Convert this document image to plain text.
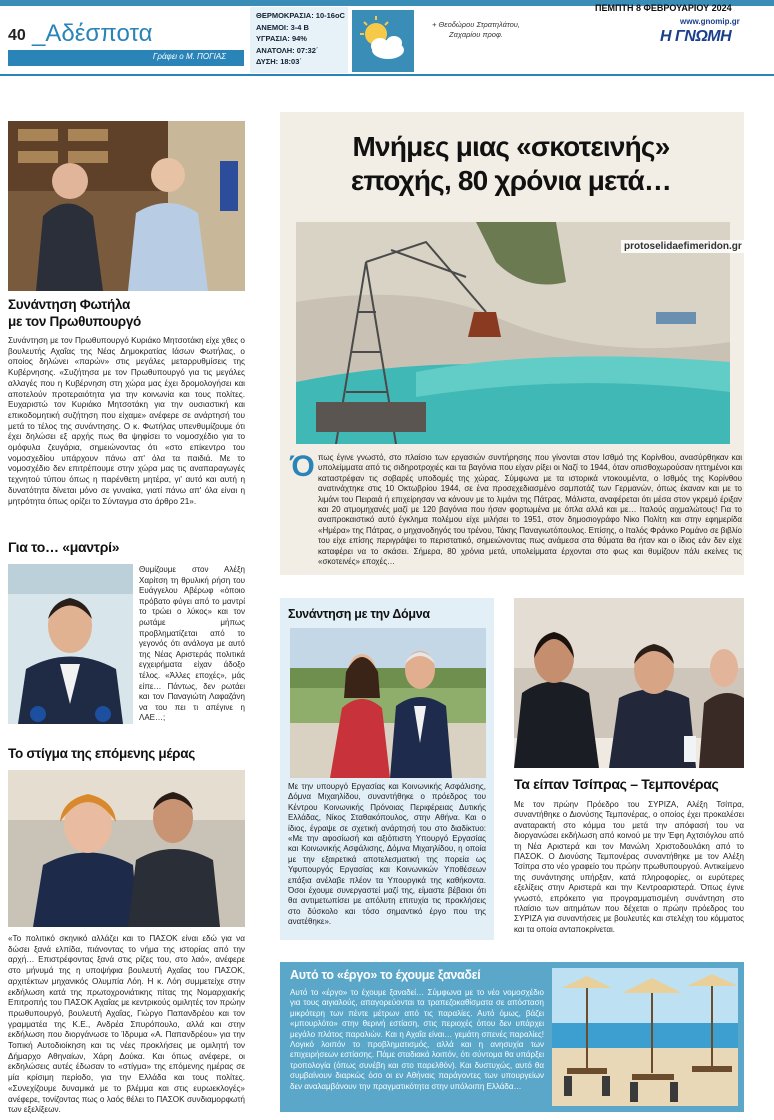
40 _Αδέσποτα
Γράφει ο Μ. ΠΟΓΙΑΣ
ΘΕΡΜΟΚΡΑΣΙΑ: 10-16oC
ΑΝΕΜΟΙ: 3-4 Β
ΥΓΡΑΣΙΑ: 94%
ΑΝΑΤΟΛΗ: 07:32΄
ΔΥΣΗ: 18:03΄
+ Θεοδώρου Στρατηλάτου, Ζαχαρίου προφ.
ΠΕΜΠΤΗ 8 ΦΕΒΡΟΥΑΡΙΟΥ 2024
www.gnomip.gr
Η ΓΝΩΜΗ
Συνάντηση Φωτήλα
με τον Πρωθυπουργό
Συνάντηση με τον Πρωθυπουργό Κυριάκο Μητσοτάκη είχε χθες ο βουλευτής Αχαΐας της Νέας Δημοκρατίας Ιάσων Φωτήλας, ο οποίος δηλώνει «παρών» στις μεγάλες μεταρρυθμίσεις της Κυβέρνησης. «Συζήτησα με τον Πρωθυπουργό για τις μεγάλες αλλαγές που η Κυβέρνηση στη χώρα μας έχει δρομολογήσει και αποτελούν προτεραιότητα για την κοινωνία και τους πολίτες. Ευχαριστώ τον Κυριάκο Μητσοτάκη για την ουσιαστική και επικοδομητική συζήτηση που είχαμε» ανέφερε σε ανάρτησή του μετά το τέλος της συνάντησης. Ο κ. Φωτήλας υπενθυμίζουμε ότι έχει δηλώσει εξ αρχής πως θα ψηφίσει το νομοσχέδιο για το ομόφυλα ζευγάρια, σημειώνοντας ότι «στο επίκεντρο του νομοσχεδίου υπάρχουν πάνω απ' όλα τα παιδιά. Με το νομοσχέδιο δεν επιτρέπουμε στην χώρα μας τις αναπαραγωγές τεχνητού τύπου όπως η παρένθετη μητέρα, γι' αυτό και αυτή η δυνατότητα δίνεται μόνο σε γυναίκα, γιατί πάνω απ' όλα είναι η μητρότητα όπως ορίζει το Σύνταγμα στο άρθρο 21».
Για το… «μαντρί»
Θυμίζουμε στον Αλέξη Χαρίτση τη θρυλική ρήση του Ευάγγελου Αβέρωφ «όποιο πρόβατο φύγει από το μαντρί το τρώει ο λύκος» και τον ρωτάμε μήπως προβληματίζεται από το γεγονός ότι ανάλογα με αυτό της Νέας Αριστεράς πολιτικά εγχειρήματα είχαν άδοξο τέλος. «Άλλες εποχές», μάς είπε… Πάντως, δεν ρωτάει και τον Παναγιώτη Λαφαζάνη να του πει τι απέγινε η ΛΑΕ…;
Το στίγμα της επόμενης μέρας
«Το πολιτικό σκηνικό αλλάζει και το ΠΑΣΟΚ είναι εδώ για να δώσει ξανά ελπίδα, πιάνοντας το νήμα της ιστορίας από την αρχή… Επιστρέφοντας ξανά στις ρίζες του, στο λαό», ανέφερε στο μήνυμά της η υποψήφια βουλευτή Αχαΐας του ΠΑΣΟΚ, αρχιτέκτων μηχανικός Ολυμπία Λόη. Η κ. Λόη συμμετείχε στην εκδήλωση κατά της πρωτοχρονιάτικης πίτας της Νομαρχιακής Επιτροπής του ΠΑΣΟΚ Αχαΐας με κεντρικούς ομιλητές τον πρώην πρωθυπουργό, βουλευτή Αχαΐας, Γιώργο Παπανδρέου και τον γραμματέα της Κ.Ε., Ανδρέα Σπυρόπουλο, αλλά και στην εκδήλωση που διοργάνωσε το Ίδρυμα «Α. Παπανδρέου» για την Τοπική Αυτοδιοίκηση και τις νέες προκλήσεις με ομιλητή τον Δήμαρχο Αθηναίων, Χάρη Δούκα. Και όπως ανέφερε, οι εκδηλώσεις αυτές έδωσαν το «στίγμα» της επόμενης ημέρας σε μία κρίσιμη περίοδο, για την Ελλάδα και τους πολίτες. «Συνεχίζουμε δυναμικά με το βλέμμα και στις ευρωεκλογές» ανέφερε, τονίζοντας πως ο λαός θέλει το ΠΑΣΟΚ συνδιαμορφωτή των εξελίξεων.
Μνήμες μιας «σκοτεινής»
εποχής, 80 χρόνια μετά…
protoselidaefimeridon.gr
Ό πως έγινε γνωστό, στο πλαίσιο των εργασιών συντήρησης που γίνονται στον Ισθμό της Κορίνθου, ανασύρθηκαν και υπολείμματα από τις σιδηροτροχιές και τα βαγόνια που είχαν ρίξει οι Ναζί το 1944, όταν οπισθοχωρούσαν ηττημένοι και καταστρέφαν τις σοβαρές υποδομές της χώρας. Σύμφωνα με τα ιστορικά ντοκουμέντα, ο Ισθμός της Κορίνθου ανατινάχτηκε στις 10 Οκτωβρίου 1944, σε ένα προσεχεδιασμένο σαμποτάζ των Γερμανών, όπως έκαναν και με το λιμάνι του Πειραιά ή επιχείρησαν να κάνουν με το λιμάνι της Πάτρας. Μάλιστα, αναφέρεται ότι μέσα στον γκρεμό έριξαν και 20 ατμομηχανές μαζί με 120 βαγόνια που ήσαν φορτωμένα με όπλα αλλά και με… Ιταλούς αιχμαλώτους! Για το αναπροκαιστικό αυτό έγκλημα πολέμου είχε μιλήσει το 1951, στον δημοσιογράφο Νίκο Πολίτη και στην εφημερίδα «Ημέρα» της Πάτρας, ο μηχανοδηγός του τρένου, Τάκης Παναγιωτόπουλος. Επίσης, ο Ιταλός Φράνκο Ρομάνο σε βιβλίο του είχε επίσης περιγράψει το περιστατικό, σημειώνοντας πως ανάμεσα στα θύματα θα ήταν και ο ίδιος εάν δεν είχε καταφέρει να το σκάσει. Σήμερα, 80 χρόνια μετά, υπολείμματα έρχονται στο φως και θυμίζουν πάλι εκείνες τις «σκοτεινές» εποχές…
Συνάντηση με την Δόμνα
Με την υπουργό Εργασίας και Κοινωνικής Ασφάλισης, Δόμνα Μιχαηλίδου, συναντήθηκε ο πρόεδρος του Κέντρου Κοινωνικής Πρόνοιας Περιφέρειας Δυτικής Ελλάδας, Νίκος Σταθακόπουλος, στην Αθήνα. Και ο ίδιος, έγραψε σε σχετική ανάρτησή του στο διαδίκτυο: «Με την αφοσίωσή και αξιόπιστη Υπουργό Εργασίας και Κοινωνικής Ασφάλισης, Δόμνα Μιχαηλίδου, η οποία με την εξαιρετικά αποτελεσματική της πορεία ως Υφυπουργός Εργασίας και Κοινωνικών Υποθέσεων επάξια ανέλαβε πλέον τα Υπουργικά της καθήκοντα. Όσοι έχουμε συνεργαστεί μαζί της, είμαστε βέβαιοι ότι θα αντιμετωπίσει με απόλυτη επιτυχία τις προκλήσεις στο δύσκολο και τόσο σημαντικό έργο που της ανατέθηκε».
Τα είπαν Τσίπρας – Τεμπονέρας
Με τον πρώην Πρόεδρο του ΣΥΡΙΖΑ, Αλέξη Τσίπρα, συναντήθηκε ο Διονύσης Τεμπονέρας, ο οποίος έχει προκαλέσει αναταρακτή στο κόμμα του μετά την απόφασή του να διοργανώσει εκδήλωση από κοινού με την Έφη Αχτσιόγλου από τη Νέα Αριστερά και τον Μανώλη Χριστοδουλάκη από το ΠΑΣΟΚ. Ο Διονύσης Τεμπονέρας συναντήθηκε με τον Αλέξη Τσίπρα στο νέο γραφείο του πρώην πρωθυπουργού. Αντικείμενο της συνάντησης υπήρξαν, κατά πληροφορίες, οι ευρύτερες εξελίξεις στην Αριστερά και την Κεντροαριστερά. Όπως έγινε γνωστό, επρόκειτο για προγραμματισμένη συνάντηση στο πλαίσιο των αιτημάτων που δέχεται ο πρώην πρόεδρος του ΣΥΡΙΖΑ για συναντήσεις με βουλευτές και στελέχη του κόμματος και τα οποία ανταποκρίνεται.
Αυτό το «έργο» το έχουμε ξαναδεί
Αυτό το «έργο» το έχουμε ξαναδεί… Σύμφωνα με το νέο νομοσχέδιο για τους αιγιαλούς, απαγορεύονται τα τραπεζοκαθίσματα σε απόσταση μικρότερη των πέντε μέτρων από τις παραλίες. Αυτό όμως, βάζει «μπουρλότο» στην θερινή εστίαση, στις περιοχές όπου δεν υπάρχει μεγάλο πλάτος παραλιών. Και η Αχαΐα είναι… γεμάτη σπενές παραλίες! Λογικό λοιπόν το προβληματισμός, αλλά και η ανησυχία των επιχειρήσεων εστίασης. Πάμε σταδιακά λοιπόν, ότι σύντομα θα υπάρξει τροπολογία (όπως συνέβη και στο παρελθόν). Και δυστυχώς, αυτό θα συμβαίνουν διαρκώς όσο οι εν Αθήναις παράγοντες των υπουργείων δεν αναλαμβάνουν την πραγματικότητα στην υπόλοιπη Ελλάδα…
